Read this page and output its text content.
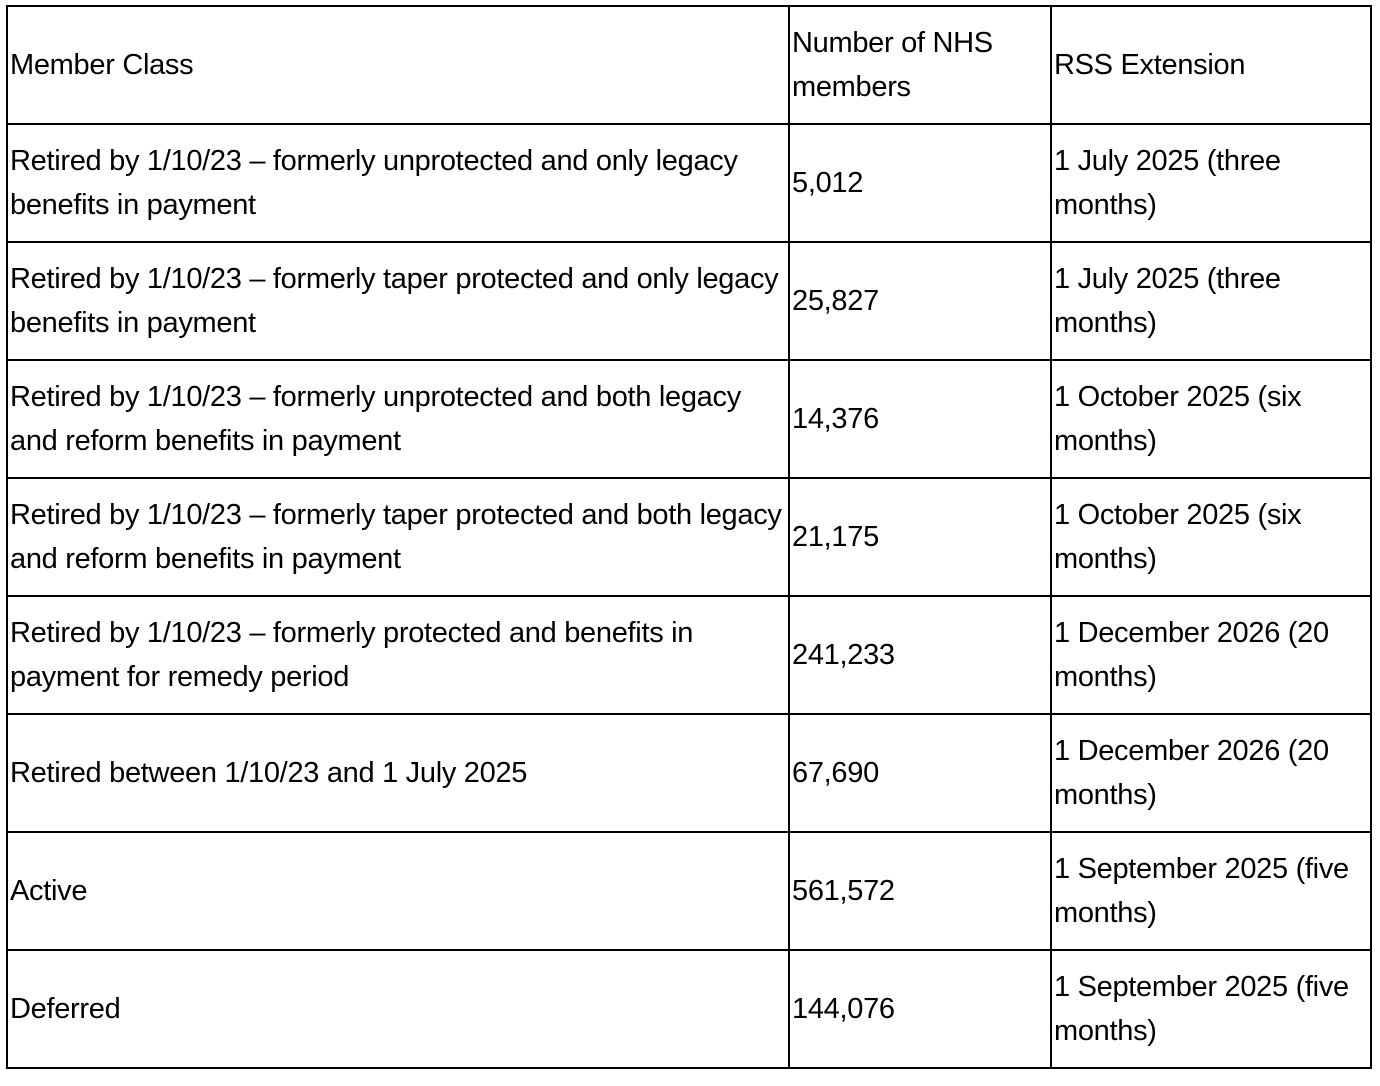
Member Class	Number of NHS members	RSS Extension

Retired by 1/10/23 – formerly unprotected and only legacy benefits in payment	5,012	1 July 2025 (three months)

Retired by 1/10/23 – formerly taper protected and only legacy benefits in payment	25,827	1 July 2025 (three months)

Retired by 1/10/23 – formerly unprotected and both legacy and reform benefits in payment	14,376	1 October 2025 (six months)

Retired by 1/10/23 – formerly taper protected and both legacy and reform benefits in payment	21,175	1 October 2025 (six months)

Retired by 1/10/23 – formerly protected and benefits in payment for remedy period	241,233	1 December 2026 (20 months)

Retired between 1/10/23 and 1 July 2025	67,690	1 December 2026 (20 months)

Active	561,572	1 September 2025 (five months)

Deferred	144,076	1 September 2025 (five months)
